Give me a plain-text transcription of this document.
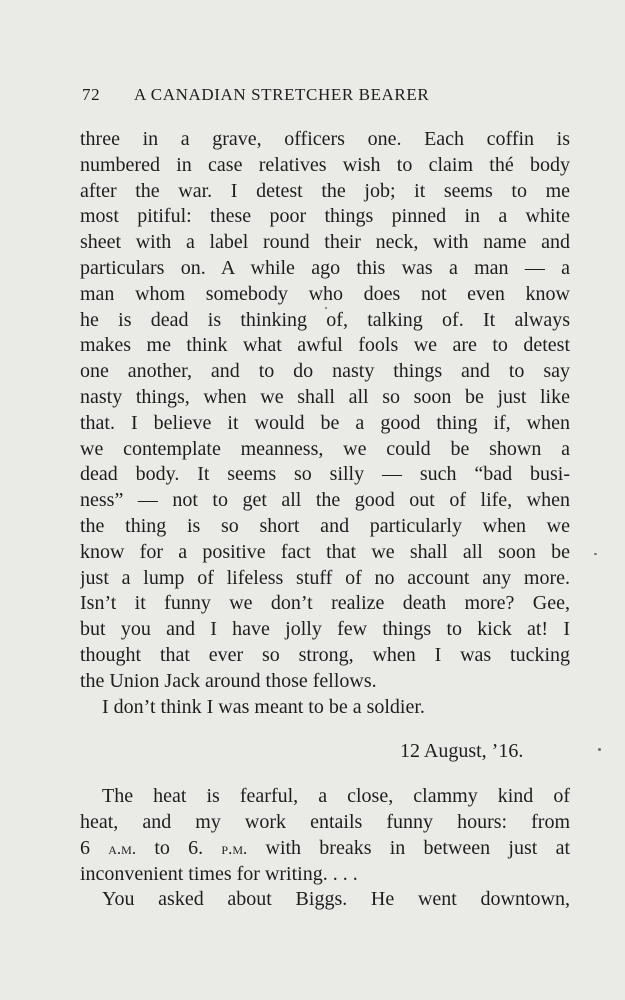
72 A CANADIAN STRETCHER BEARER
three in a grave, officers one. Each coffin is
numbered in case relatives wish to claim thé body
after the war. I detest the job; it seems to me
most pitiful: these poor things pinned in a white
sheet with a label round their neck, with name and
particulars on. A while ago this was a man — a
man whom somebody who does not even know
he is dead is thinking of, talking of. It always
makes me think what awful fools we are to detest
one another, and to do nasty things and to say
nasty things, when we shall all so soon be just like
that. I believe it would be a good thing if, when
we contemplate meanness, we could be shown a
dead body. It seems so silly — such “bad busi-
ness” — not to get all the good out of life, when
the thing is so short and particularly when we
know for a positive fact that we shall all soon be
just a lump of lifeless stuff of no account any more.
Isn’t it funny we don’t realize death more? Gee,
but you and I have jolly few things to kick at! I
thought that ever so strong, when I was tucking
the Union Jack around those fellows.
I don’t think I was meant to be a soldier.
12 August, ’16.
The heat is fearful, a close, clammy kind of
heat, and my work entails funny hours: from
6 a.m. to 6. p.m. with breaks in between just at
inconvenient times for writing. . . .
You asked about Biggs. He went downtown,
